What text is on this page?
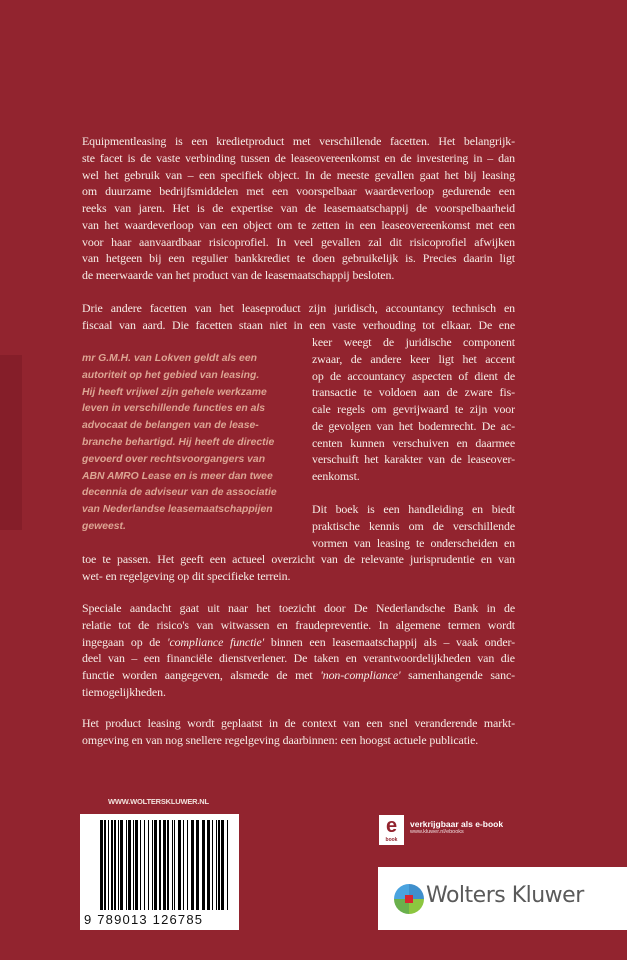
Equipmentleasing is een kredietproduct met verschillende facetten. Het belangrijk-
ste facet is de vaste verbinding tussen de leaseovereenkomst en de investering in – dan
wel het gebruik van – een specifiek object. In de meeste gevallen gaat het bij leasing
om duurzame bedrijfsmiddelen met een voorspelbaar waardeverloop gedurende een
reeks van jaren. Het is de expertise van de leasemaatschappij de voorspelbaarheid
van het waardeverloop van een object om te zetten in een leaseovereenkomst met een
voor haar aanvaardbaar risicoprofiel. In veel gevallen zal dit risicoprofiel afwijken
van hetgeen bij een regulier bankkrediet te doen gebruikelijk is. Precies daarin ligt
de meerwaarde van het product van de leasemaatschappij besloten.
Drie andere facetten van het leaseproduct zijn juridisch, accountancy technisch en
fiscaal van aard. Die facetten staan niet in een vaste verhouding tot elkaar. De ene
keer weegt de juridische component
zwaar, de andere keer ligt het accent
op de accountancy aspecten of dient de
transactie te voldoen aan de zware fis-
cale regels om gevrijwaard te zijn voor
de gevolgen van het bodemrecht. De ac-
centen kunnen verschuiven en daarmee
verschuift het karakter van de leaseover-
eenkomst.
Dit boek is een handleiding en biedt
praktische kennis om de verschillende
vormen van leasing te onderscheiden en
toe te passen. Het geeft een actueel overzicht van de relevante jurisprudentie en van
wet- en regelgeving op dit specifieke terrein.
Speciale aandacht gaat uit naar het toezicht door De Nederlandsche Bank in de
relatie tot de risico's van witwassen en fraudepreventie. In algemene termen wordt
ingegaan op de 'compliance functie' binnen een leasemaatschappij als – vaak onder-
deel van – een financiële dienstverlener. De taken en verantwoordelijkheden van die
functie worden aangegeven, alsmede de met 'non-compliance' samenhangende sanc-
tiemogelijkheden.
Het product leasing wordt geplaatst in de context van een snel veranderende markt-
omgeving en van nog snellere regelgeving daarbinnen: een hoogst actuele publicatie.
mr G.M.H. van Lokven geldt als een
autoriteit op het gebied van leasing.
Hij heeft vrijwel zijn gehele werkzame
leven in verschillende functies en als
advocaat de belangen van de lease-
branche behartigd. Hij heeft de directie
gevoerd over rechtsvoorgangers van
ABN AMRO Lease en is meer dan twee
decennia de adviseur van de associatie
van Nederlandse leasemaatschappijen
geweest.
WWW.WOLTERSKLUWER.NL
9 789013 126785
e
book
verkrijgbaar als e-book
www.kluwer.nl/ebooks
Wolters Kluwer
